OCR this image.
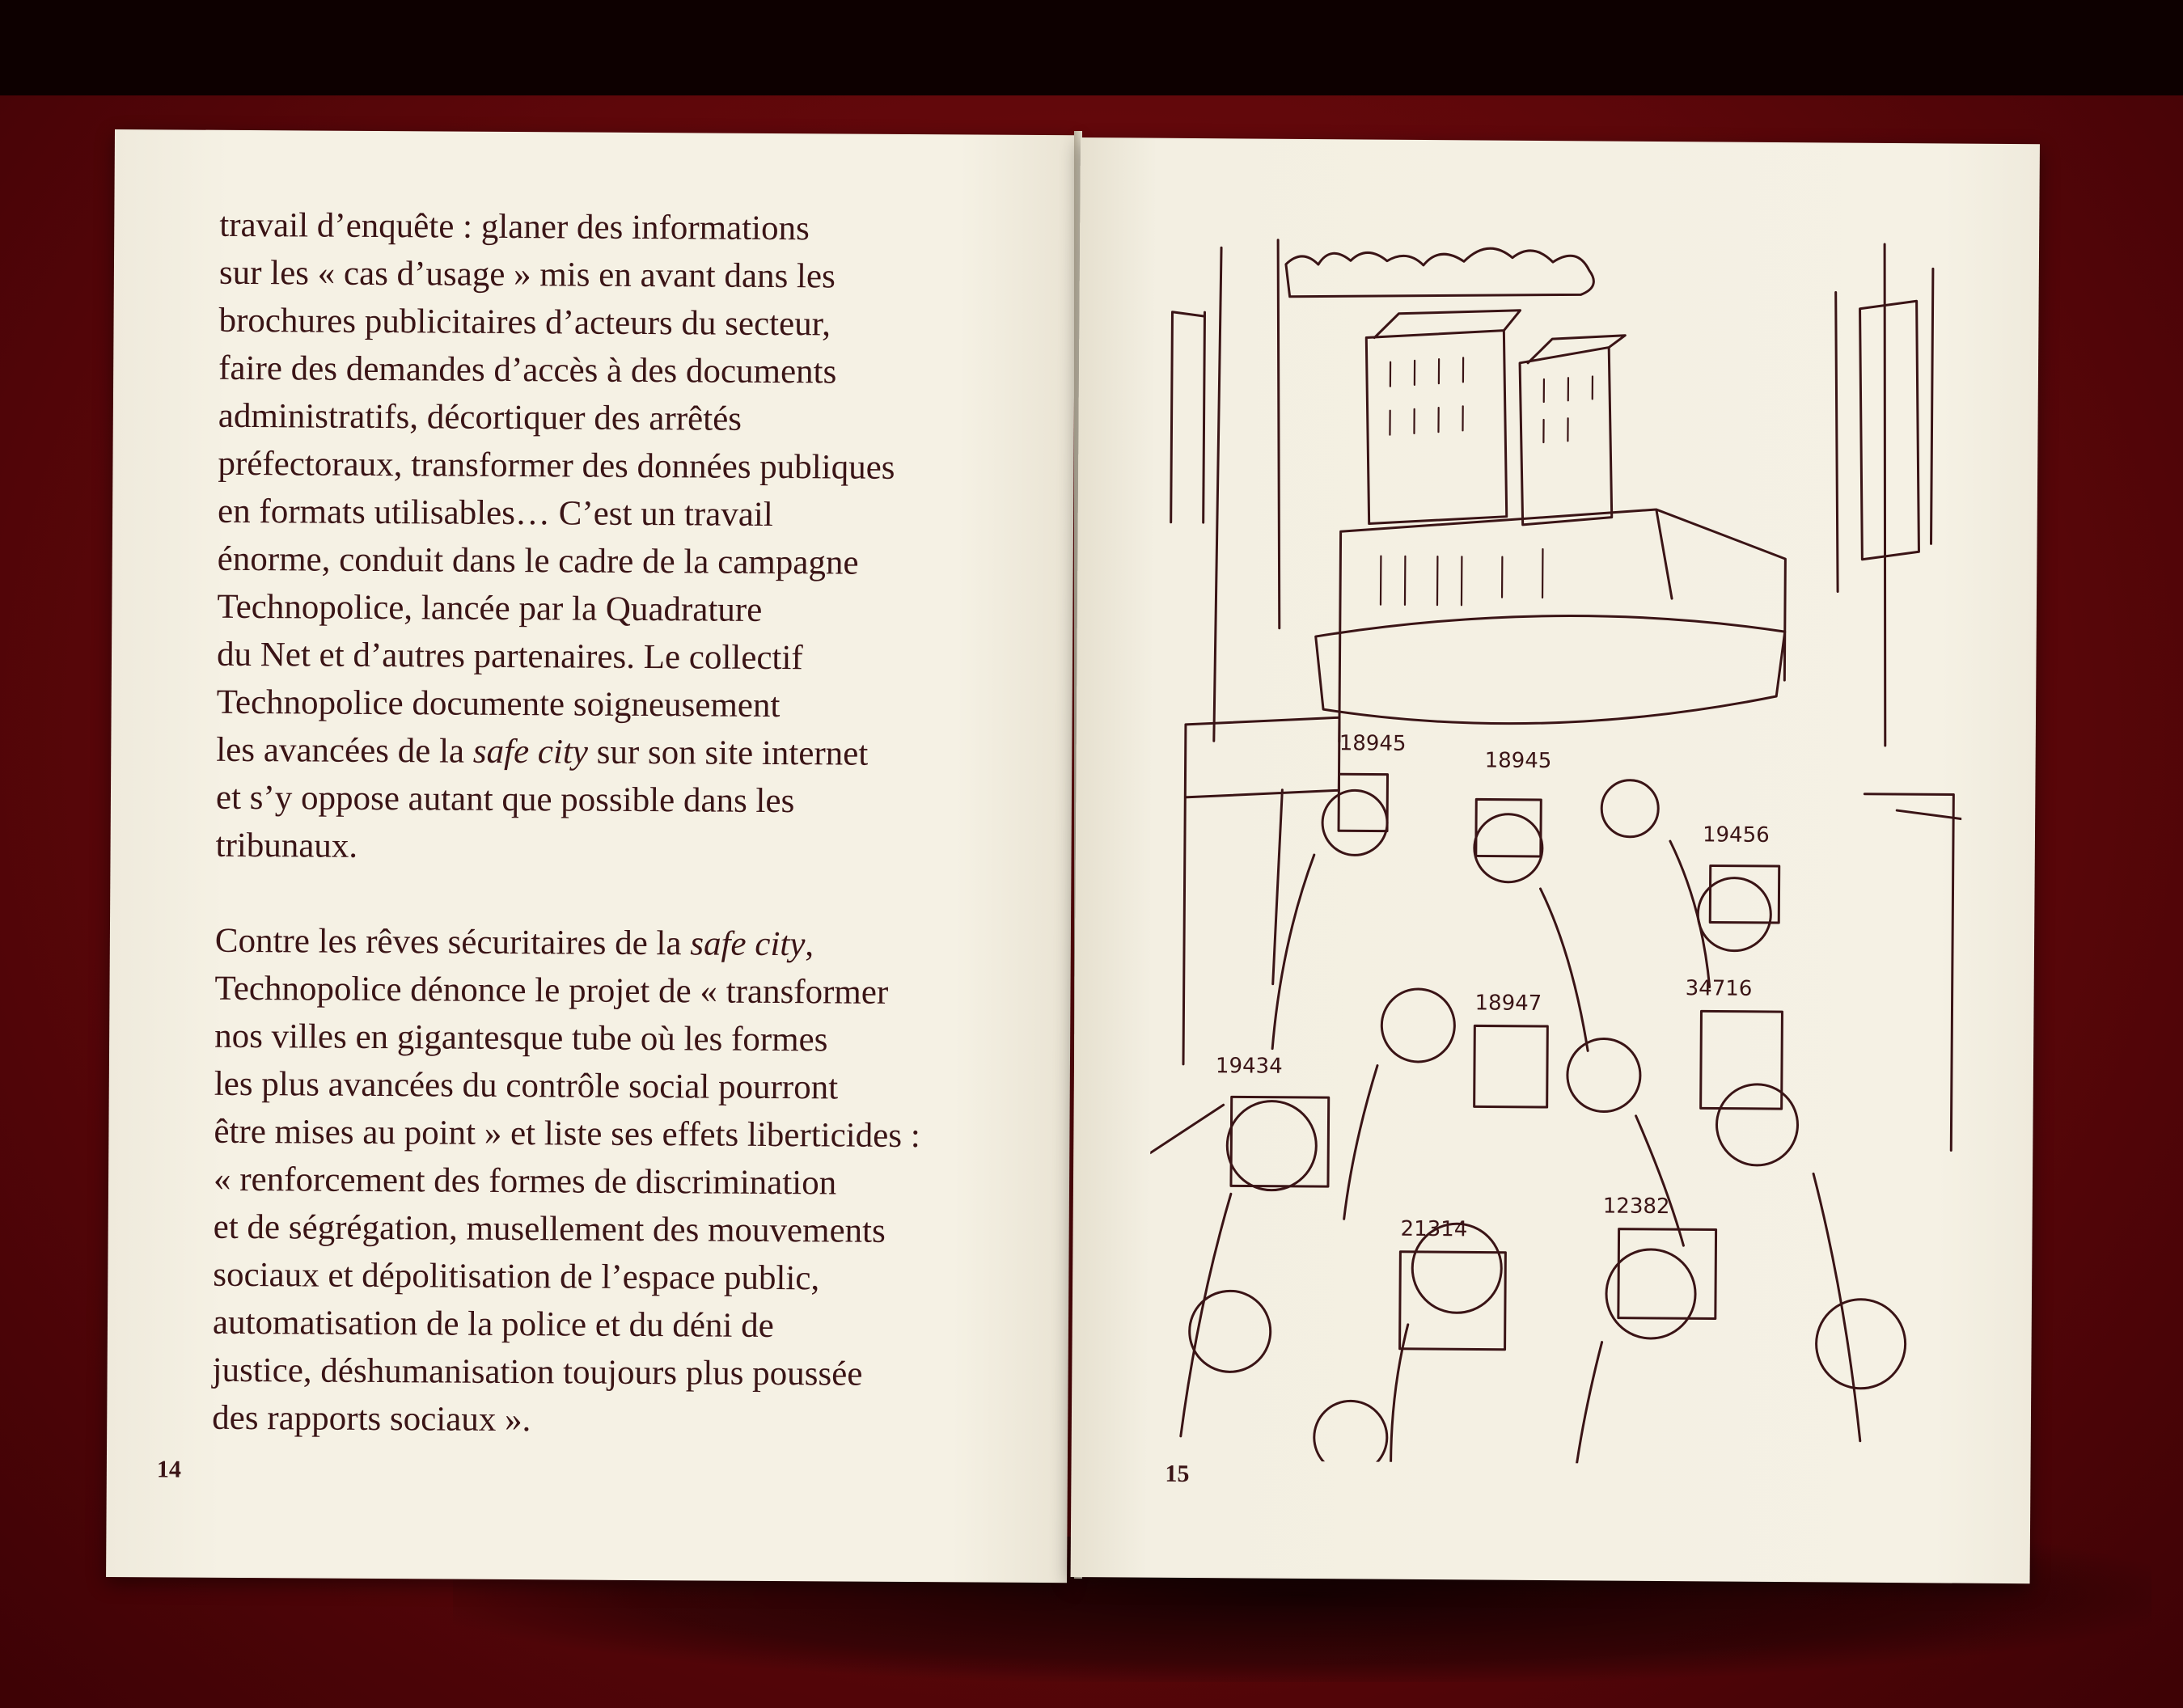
travail d’enquête : glaner des informations
sur les « cas d’usage » mis en avant dans les
brochures publicitaires d’acteurs du secteur,
faire des demandes d’accès à des documents
administratifs, décortiquer des arrêtés
préfectoraux, transformer des données publiques
en formats utilisables… C’est un travail
énorme, conduit dans le cadre de la campagne
Technopolice, lancée par la Quadrature
du Net et d’autres partenaires. Le collectif
Technopolice documente soigneusement
les avancées de la safe city sur son site internet
et s’y oppose autant que possible dans les
tribunaux.
Contre les rêves sécuritaires de la safe city,
Technopolice dénonce le projet de « transformer
nos villes en gigantesque tube où les formes
les plus avancées du contrôle social pourront
être mises au point » et liste ses effets liberticides :
« renforcement des formes de discrimination
et de ségrégation, musellement des mouvements
sociaux et dépolitisation de l’espace public,
automatisation de la police et du déni de
justice, déshumanisation toujours plus poussée
des rapports sociaux ».
14
18945
18945
19456
18947
34716
19434
12382
21314
15
